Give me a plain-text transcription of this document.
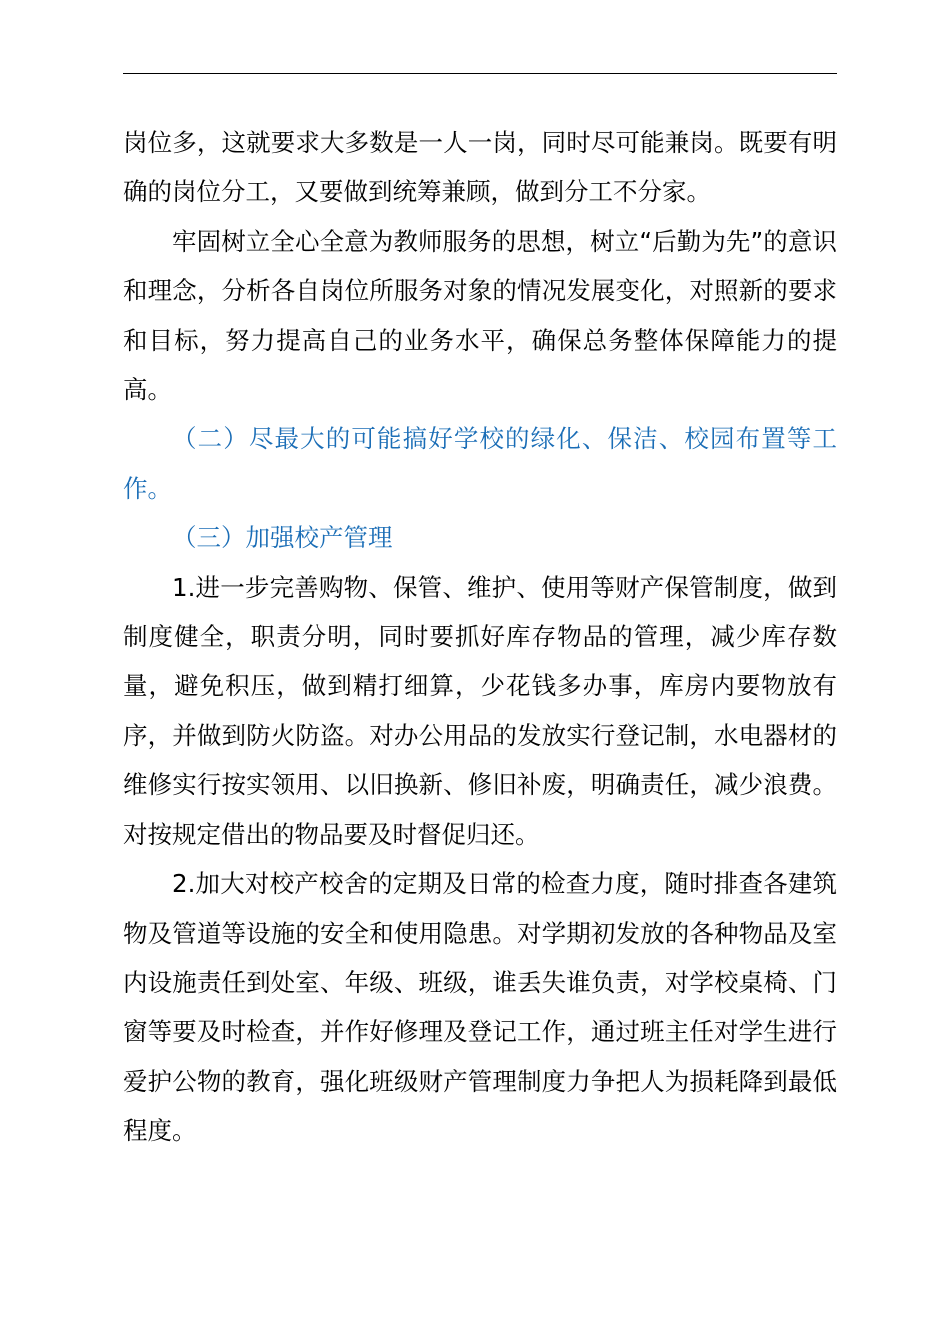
岗位多，这就要求大多数是一人一岗，同时尽可能兼岗。既要有明确的岗位分工，又要做到统筹兼顾，做到分工不分家。

牢固树立全心全意为教师服务的思想，树立“后勤为先”的意识和理念，分析各自岗位所服务对象的情况发展变化，对照新的要求和目标，努力提高自己的业务水平，确保总务整体保障能力的提高。

（二）尽最大的可能搞好学校的绿化、保洁、校园布置等工作。

（三）加强校产管理

1.进一步完善购物、保管、维护、使用等财产保管制度，做到制度健全，职责分明，同时要抓好库存物品的管理，减少库存数量，避免积压，做到精打细算，少花钱多办事，库房内要物放有序，并做到防火防盗。对办公用品的发放实行登记制，水电器材的维修实行按实领用、以旧换新、修旧补废，明确责任，减少浪费。对按规定借出的物品要及时督促归还。

2.加大对校产校舍的定期及日常的检查力度，随时排查各建筑物及管道等设施的安全和使用隐患。对学期初发放的各种物品及室内设施责任到处室、年级、班级，谁丢失谁负责，对学校桌椅、门窗等要及时检查，并作好修理及登记工作，通过班主任对学生进行爱护公物的教育，强化班级财产管理制度力争把人为损耗降到最低程度。
